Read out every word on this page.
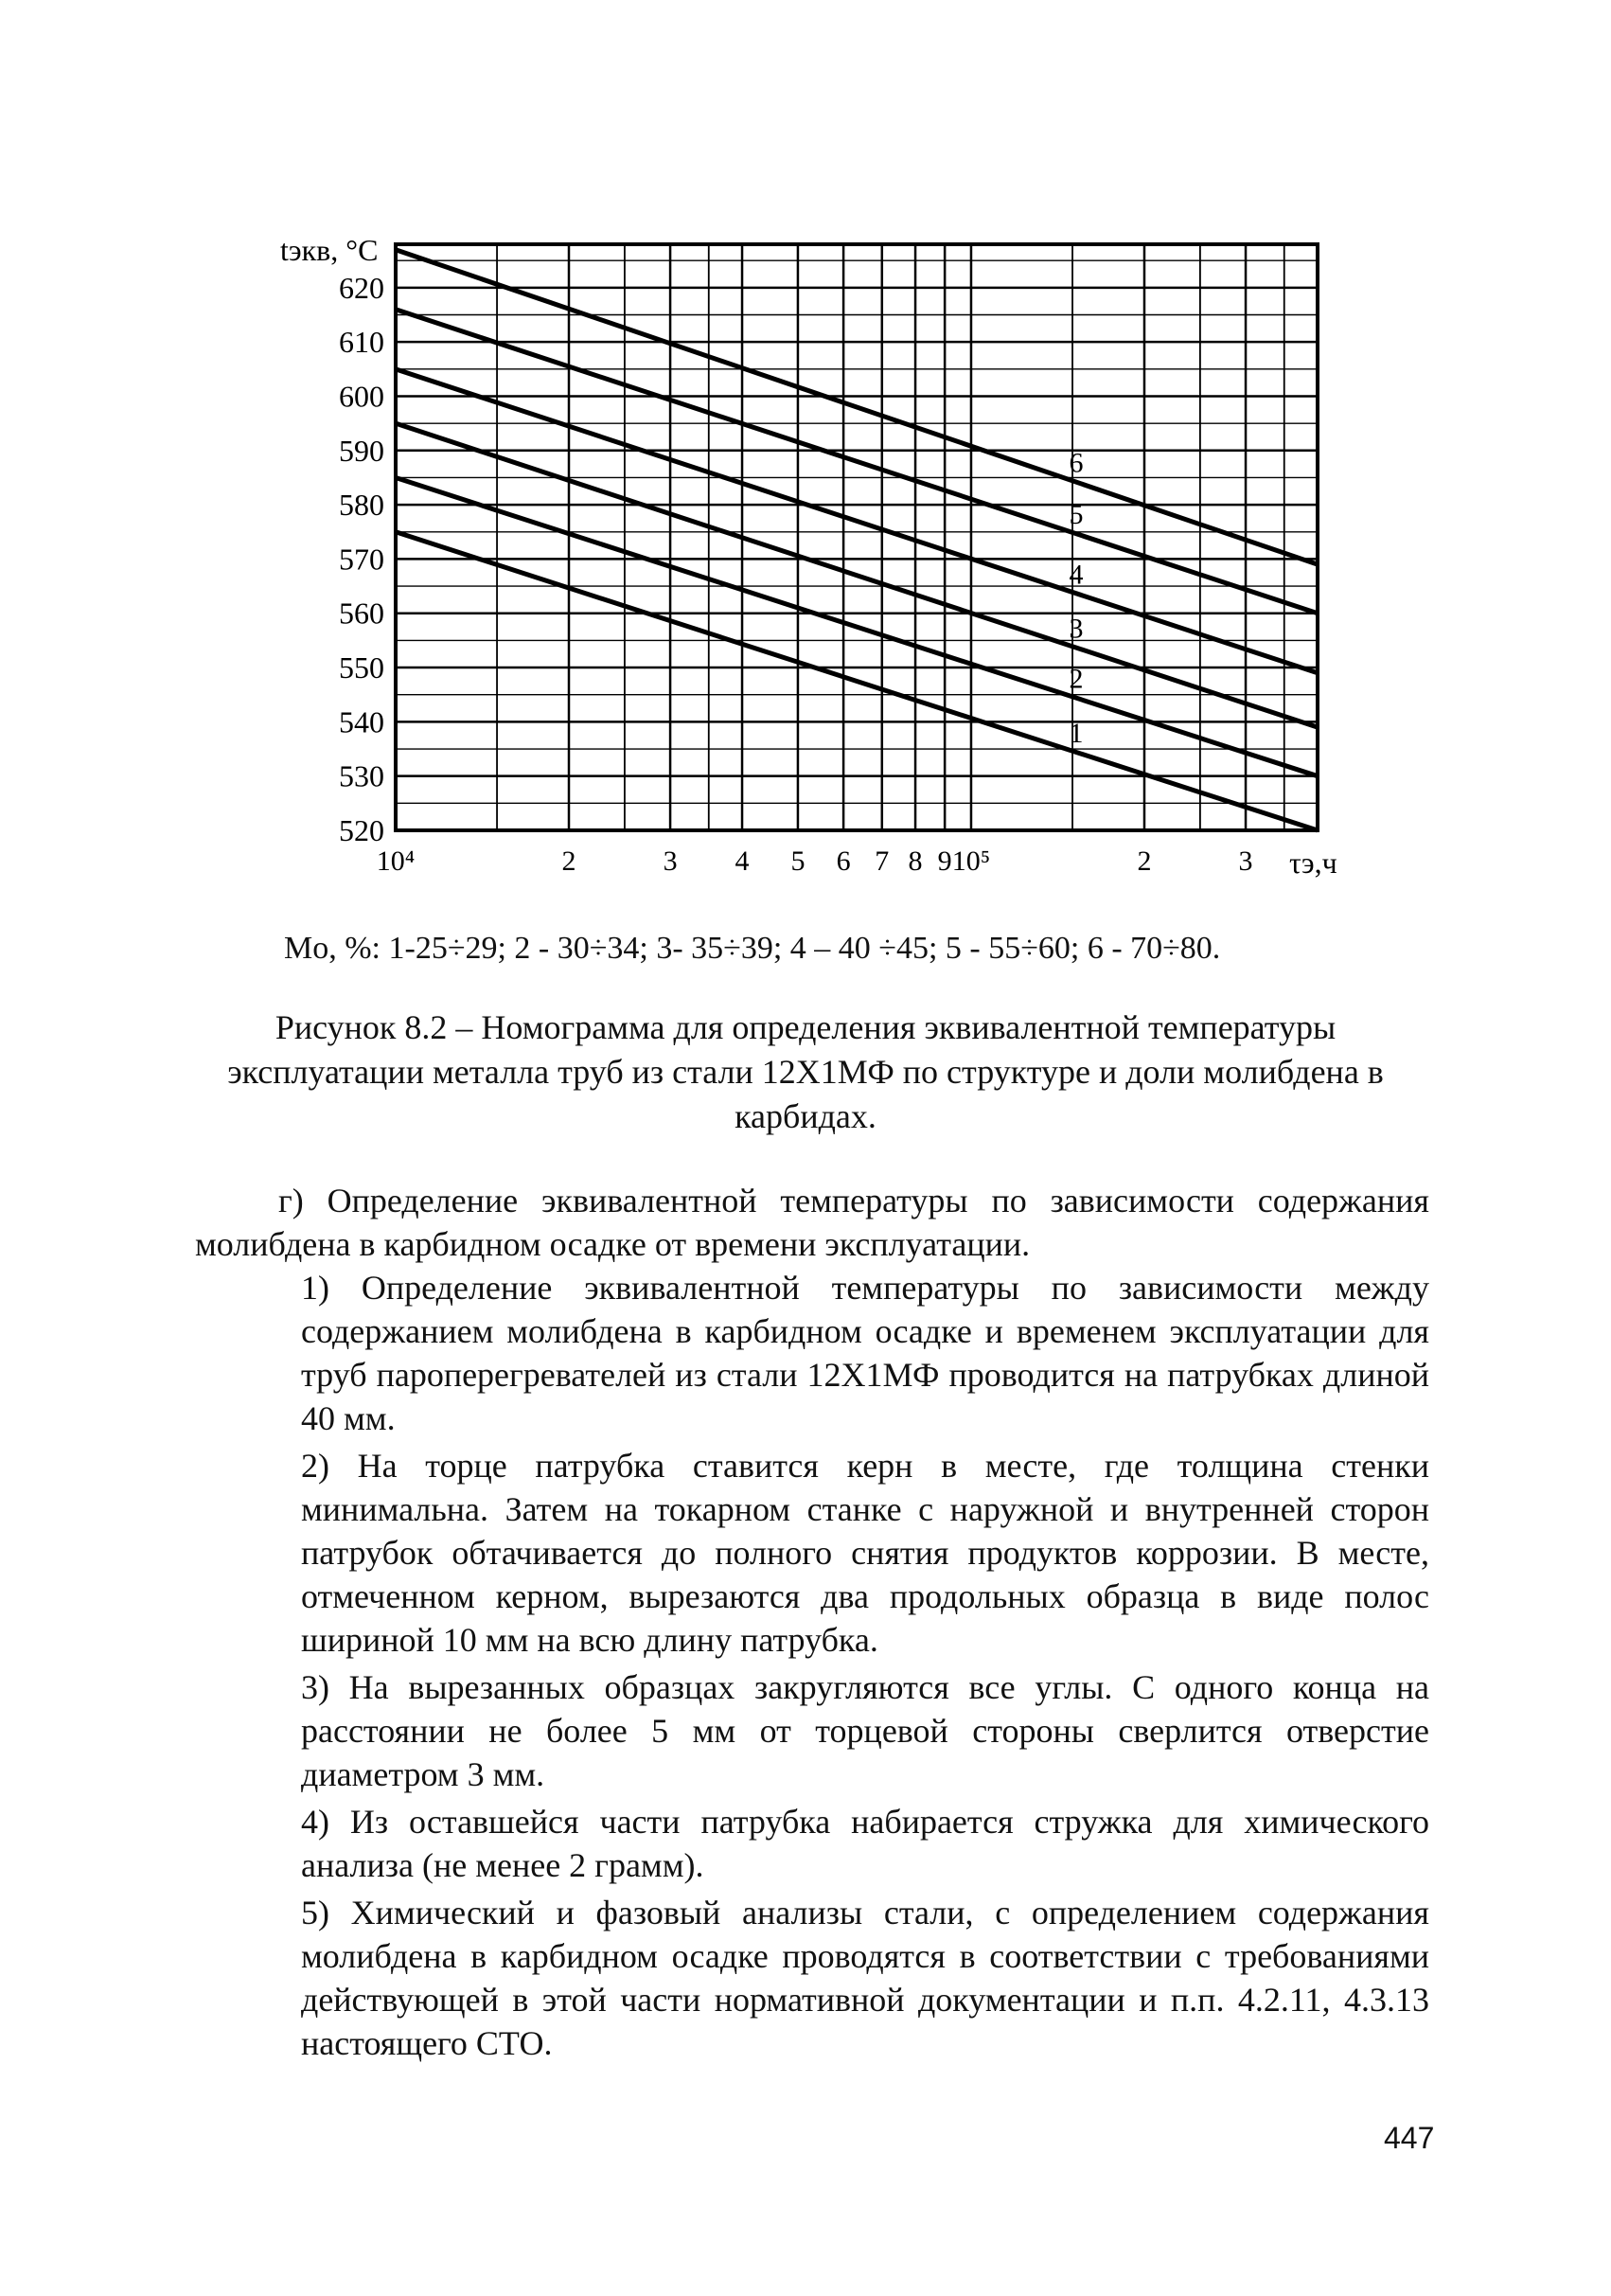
1
2
3
4
5
6
620
610
600
590
580
570
560
550
540
530
520
10⁴	2	3 4 5 6 7 8 9 10⁵	2	3
tэкв, °C
τэ,ч
Mo, %: 1-25÷29; 2 - 30÷34; 3- 35÷39; 4 – 40 ÷45; 5 - 55÷60; 6 - 70÷80.
Рисунок 8.2 – Номограмма для определения эквивалентной температуры
эксплуатации металла труб из стали 12Х1МФ по структуре и доли молибдена в
карбидах.

г) Определение эквивалентной температуры по зависимости содержания молибдена в карбидном осадке от времени эксплуатации.

1) Определение эквивалентной температуры по зависимости между содержанием молибдена в карбидном осадке и временем эксплуатации для труб пароперегревателей из стали 12Х1МФ проводится на патрубках длиной 40 мм.

2) На торце патрубка ставится керн в месте, где толщина стенки минимальна. Затем на токарном станке с наружной и внутренней сторон патрубок обтачивается до полного снятия продуктов коррозии. В месте, отмеченном керном, вырезаются два продольных образца в виде полос шириной 10 мм на всю длину патрубка.

3) На вырезанных образцах закругляются все углы. С одного конца на расстоянии не более 5 мм от торцевой стороны сверлится отверстие диаметром 3 мм.

4) Из оставшейся части патрубка набирается стружка для химического анализа (не менее 2 грамм).

5) Химический и фазовый анализы стали, с определением содержания молибдена в карбидном осадке проводятся в соответствии с требованиями действующей в этой части нормативной документации и п.п. 4.2.11, 4.3.13 настоящего СТО.

447
